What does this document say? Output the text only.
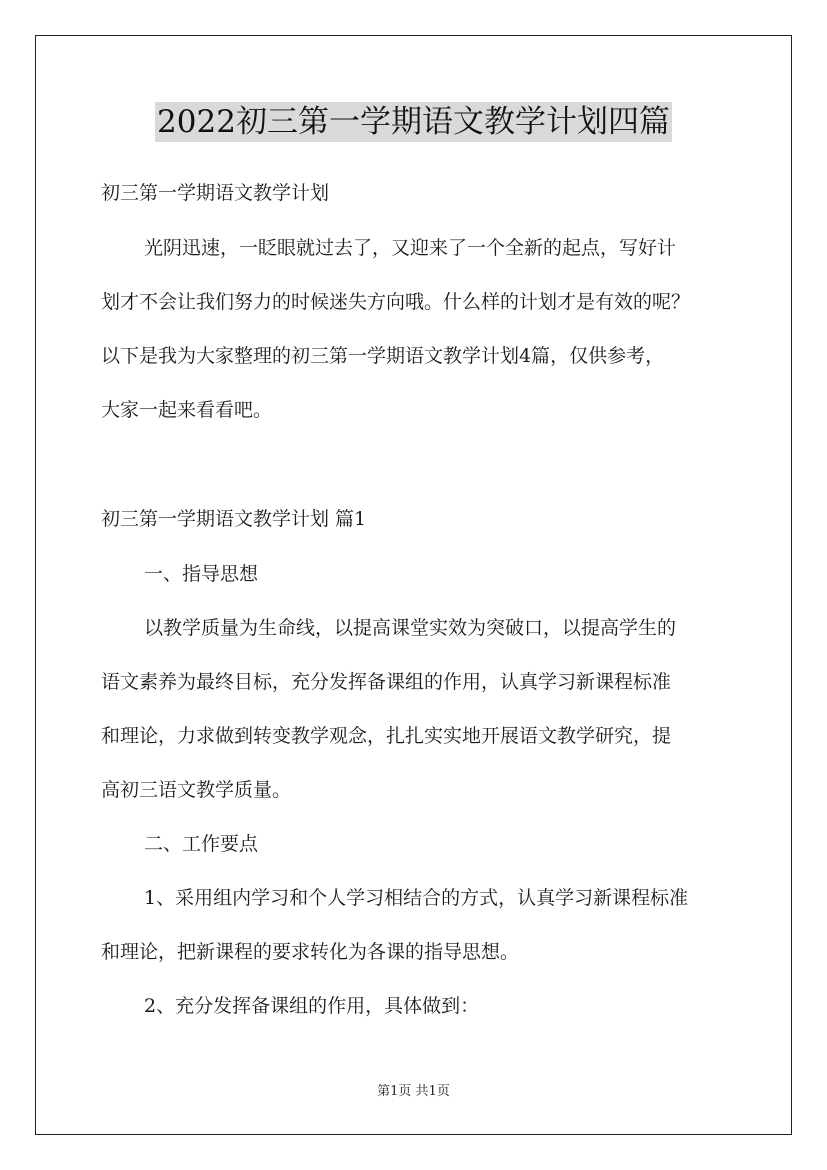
2022初三第一学期语文教学计划四篇
初三第一学期语文教学计划
光阴迅速，一眨眼就过去了，又迎来了一个全新的起点，写好计
划才不会让我们努力的时候迷失方向哦。什么样的计划才是有效的呢？
以下是我为大家整理的初三第一学期语文教学计划4篇，仅供参考，
大家一起来看看吧。
初三第一学期语文教学计划 篇1
一、指导思想
以教学质量为生命线，以提高课堂实效为突破口，以提高学生的
语文素养为最终目标，充分发挥备课组的作用，认真学习新课程标准
和理论，力求做到转变教学观念，扎扎实实地开展语文教学研究，提
高初三语文教学质量。
二、工作要点
1、采用组内学习和个人学习相结合的方式，认真学习新课程标准
和理论，把新课程的要求转化为各课的指导思想。
2、充分发挥备课组的作用，具体做到：
第1页 共1页
